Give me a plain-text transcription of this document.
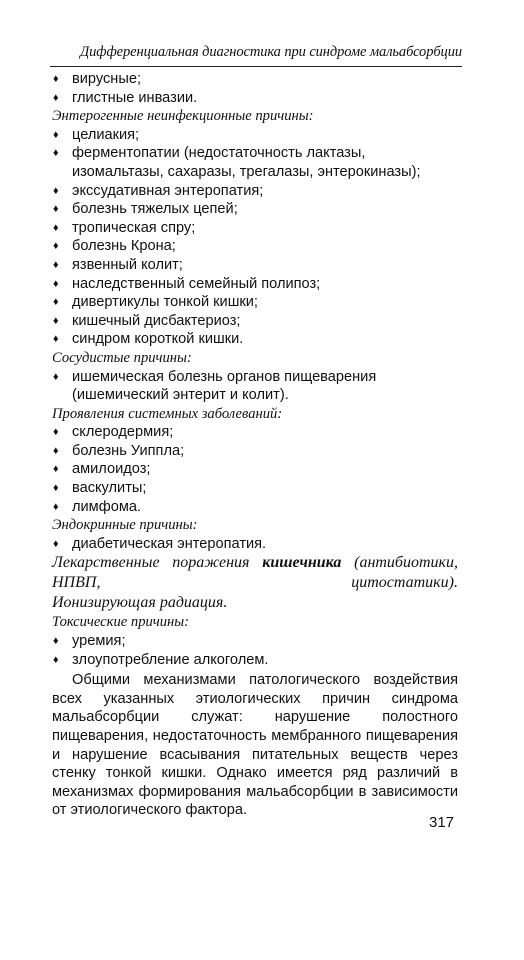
Дифференциальная диагностика при синдроме мальабсорбции
♦ вирусные;
♦ глистные инвазии.
Энтерогенные неинфекционные причины:
♦ целиакия;
♦ ферментопатии (недостаточность лактазы, изомальтазы, сахаразы, трегалазы, энтерокиназы);
♦ экссудативная энтеропатия;
♦ болезнь тяжелых цепей;
♦ тропическая спру;
♦ болезнь Крона;
♦ язвенный колит;
♦ наследственный семейный полипоз;
♦ дивертикулы тонкой кишки;
♦ кишечный дисбактериоз;
♦ синдром короткой кишки.
Сосудистые причины:
♦ ишемическая болезнь органов пищеварения (ишемический энтерит и колит).
Проявления системных заболеваний:
♦ склеродермия;
♦ болезнь Уиппла;
♦ амилоидоз;
♦ васкулиты;
♦ лимфома.
Эндокринные причины:
♦ диабетическая энтеропатия.
Лекарственные поражения кишечника (антибиотики, НПВП, цитостатики).
Ионизирующая радиация.
Токсические причины:
♦ уремия;
♦ злоупотребление алкоголем.
Общими механизмами патологического воздействия всех указанных этиологических причин синдрома мальабсорбции служат: нарушение полостного пищеварения, недостаточность мембранного пищеварения и нарушение всасывания питательных веществ через стенку тонкой кишки. Однако имеется ряд различий в механизмах формирования мальабсорбции в зависимости от этиологического фактора.
317
